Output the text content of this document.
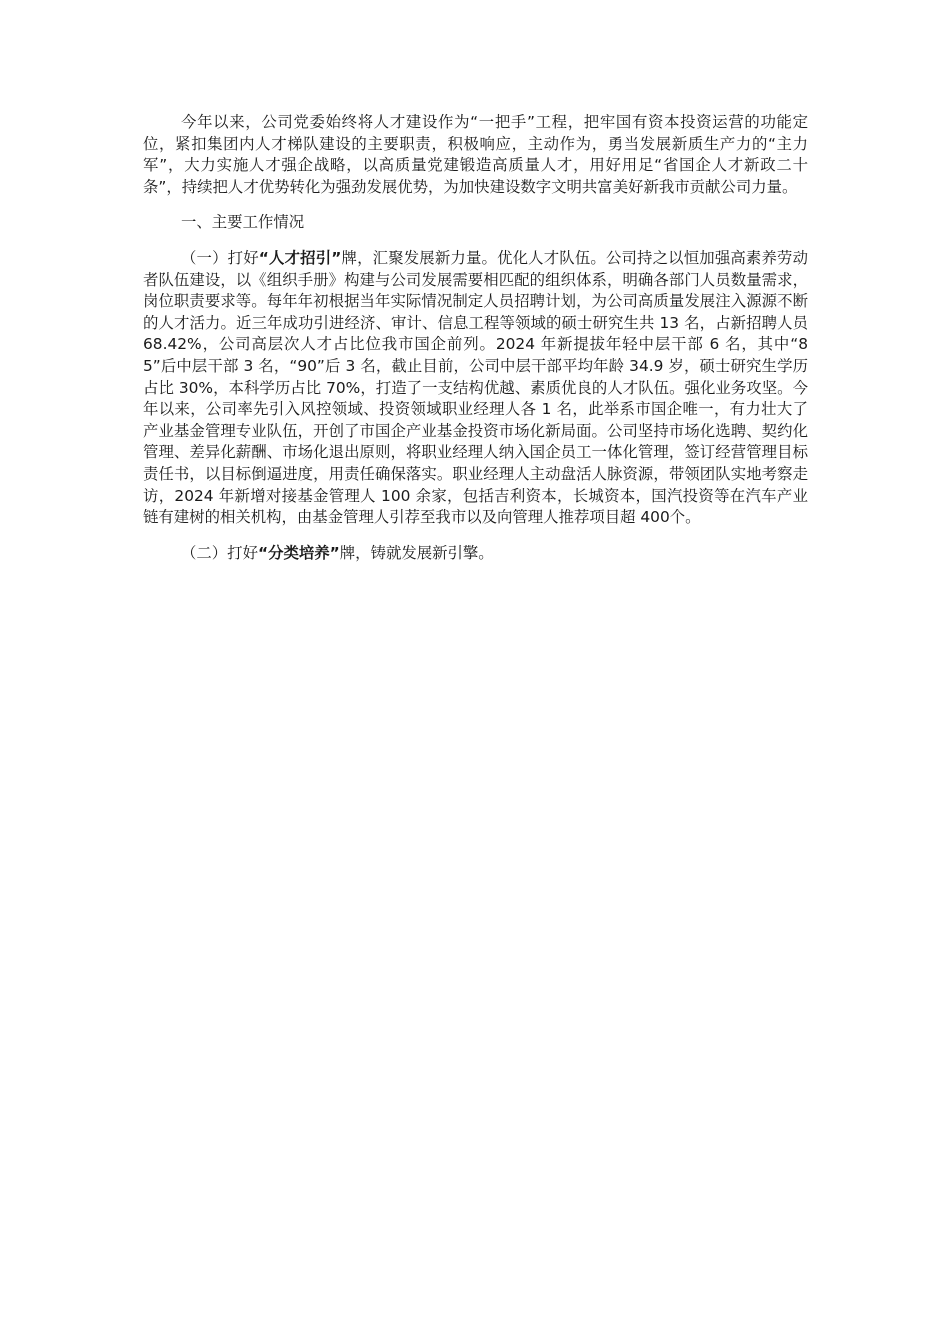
今年以来，公司党委始终将人才建设作为“一把手”工程，把牢国有资本投资运营的功能定位，紧扣集团内人才梯队建设的主要职责，积极响应，主动作为，勇当发展新质生产力的“主力军”，大力实施人才强企战略，以高质量党建锻造高质量人才，用好用足“省国企人才新政二十条”，持续把人才优势转化为强劲发展优势，为加快建设数字文明共富美好新我市贡献公司力量。

一、主要工作情况

（一）打好“人才招引”牌，汇聚发展新力量。优化人才队伍。公司持之以恒加强高素养劳动者队伍建设，以《组织手册》构建与公司发展需要相匹配的组织体系，明确各部门人员数量需求，岗位职责要求等。每年年初根据当年实际情况制定人员招聘计划，为公司高质量发展注入源源不断的人才活力。近三年成功引进经济、审计、信息工程等领域的硕士研究生共 13 名，占新招聘人员 68.42%，公司高层次人才占比位我市国企前列。2024 年新提拔年轻中层干部 6 名，其中“85”后中层干部 3 名，“90”后 3 名，截止目前，公司中层干部平均年龄 34.9 岁，硕士研究生学历占比 30%，本科学历占比 70%，打造了一支结构优越、素质优良的人才队伍。强化业务攻坚。今年以来，公司率先引入风控领域、投资领域职业经理人各 1 名，此举系市国企唯一，有力壮大了产业基金管理专业队伍，开创了市国企产业基金投资市场化新局面。公司坚持市场化选聘、契约化管理、差异化薪酬、市场化退出原则，将职业经理人纳入国企员工一体化管理，签订经营管理目标责任书，以目标倒逼进度，用责任确保落实。职业经理人主动盘活人脉资源，带领团队实地考察走访，2024 年新增对接基金管理人 100 余家，包括吉利资本，长城资本，国汽投资等在汽车产业链有建树的相关机构，由基金管理人引荐至我市以及向管理人推荐项目超 400个。

（二）打好“分类培养”牌，铸就发展新引擎。
